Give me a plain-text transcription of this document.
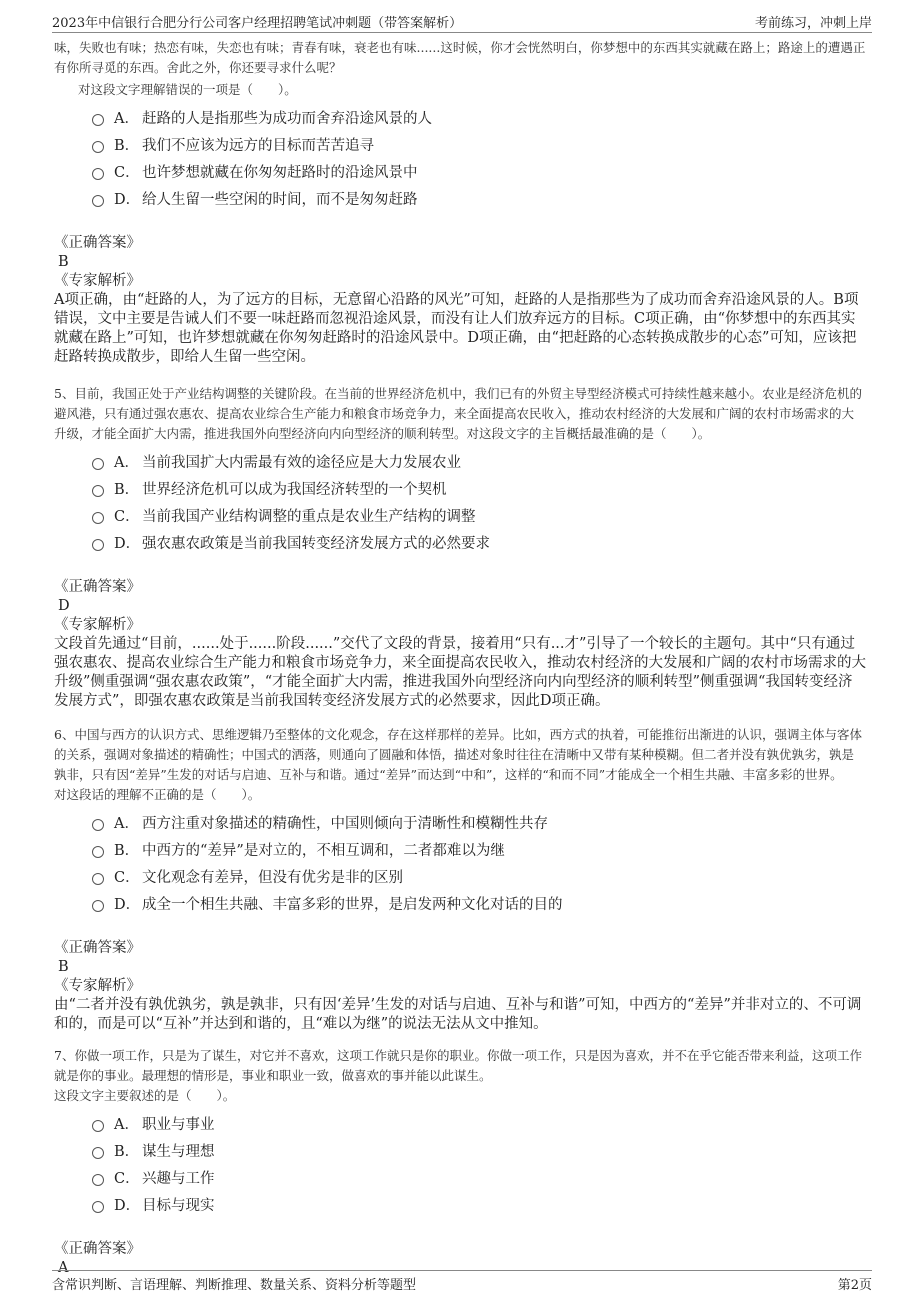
2023年中信银行合肥分行公司客户经理招聘笔试冲刺题（带答案解析）	考前练习，冲刺上岸
味，失败也有味；热恋有味，失恋也有味；青春有味，衰老也有味......这时候，你才会恍然明白，你梦想中的东西其实就藏在路上；路途上的遭遇正有你所寻觅的东西。舍此之外，你还要寻求什么呢？
对这段文字理解错误的一项是（　　）。
A． 赶路的人是指那些为成功而舍弃沿途风景的人
B． 我们不应该为远方的目标而苦苦追寻
C． 也许梦想就藏在你匆匆赶路时的沿途风景中
D． 给人生留一些空闲的时间，而不是匆匆赶路
《正确答案》
B
《专家解析》
A项正确，由“赶路的人，为了远方的目标，无意留心沿路的风光”可知，赶路的人是指那些为了成功而舍弃沿途风景的人。B项错误，文中主要是告诫人们不要一味赶路而忽视沿途风景，而没有让人们放弃远方的目标。C项正确，由“你梦想中的东西其实就藏在路上”可知，也许梦想就藏在你匆匆赶路时的沿途风景中。D项正确，由“把赶路的心态转换成散步的心态”可知，应该把赶路转换成散步，即给人生留一些空闲。
5、目前，我国正处于产业结构调整的关键阶段。在当前的世界经济危机中，我们已有的外贸主导型经济模式可持续性越来越小。农业是经济危机的避风港，只有通过强农惠农、提高农业综合生产能力和粮食市场竞争力，来全面提高农民收入，推动农村经济的大发展和广阔的农村市场需求的大升级，才能全面扩大内需，推进我国外向型经济向内向型经济的顺利转型。对这段文字的主旨概括最准确的是（　　）。
A． 当前我国扩大内需最有效的途径应是大力发展农业
B． 世界经济危机可以成为我国经济转型的一个契机
C． 当前我国产业结构调整的重点是农业生产结构的调整
D． 强农惠农政策是当前我国转变经济发展方式的必然要求
《正确答案》
D
《专家解析》
文段首先通过“目前，......处于......阶段......”交代了文段的背景，接着用“只有...才”引导了一个较长的主题句。其中“只有通过强农惠农、提高农业综合生产能力和粮食市场竞争力，来全面提高农民收入，推动农村经济的大发展和广阔的农村市场需求的大升级”侧重强调“强农惠农政策”，“才能全面扩大内需，推进我国外向型经济向内向型经济的顺利转型”侧重强调“我国转变经济发展方式”，即强农惠农政策是当前我国转变经济发展方式的必然要求，因此D项正确。
6、中国与西方的认识方式、思维逻辑乃至整体的文化观念，存在这样那样的差异。比如，西方式的执着，可能推衍出渐进的认识，强调主体与客体的关系，强调对象描述的精确性；中国式的洒落，则通向了圆融和体悟，描述对象时往往在清晰中又带有某种模糊。但二者并没有孰优孰劣，孰是孰非，只有因“差异”生发的对话与启迪、互补与和谐。通过“差异”而达到“中和”，这样的“和而不同”才能成全一个相生共融、丰富多彩的世界。
对这段话的理解不正确的是（　　）。
A． 西方注重对象描述的精确性，中国则倾向于清晰性和模糊性共存
B． 中西方的“差异”是对立的，不相互调和，二者都难以为继
C． 文化观念有差异，但没有优劣是非的区别
D． 成全一个相生共融、丰富多彩的世界，是启发两种文化对话的目的
《正确答案》
B
《专家解析》
由“二者并没有孰优孰劣，孰是孰非，只有因‘差异’生发的对话与启迪、互补与和谐”可知，中西方的“差异”并非对立的、不可调和的，而是可以“互补”并达到和谐的，且“难以为继”的说法无法从文中推知。
7、你做一项工作，只是为了谋生，对它并不喜欢，这项工作就只是你的职业。你做一项工作，只是因为喜欢，并不在乎它能否带来利益，这项工作就是你的事业。最理想的情形是，事业和职业一致，做喜欢的事并能以此谋生。
这段文字主要叙述的是（　　）。
A． 职业与事业
B． 谋生与理想
C． 兴趣与工作
D． 目标与现实
《正确答案》
A
含常识判断、言语理解、判断推理、数量关系、资料分析等题型	第2页
